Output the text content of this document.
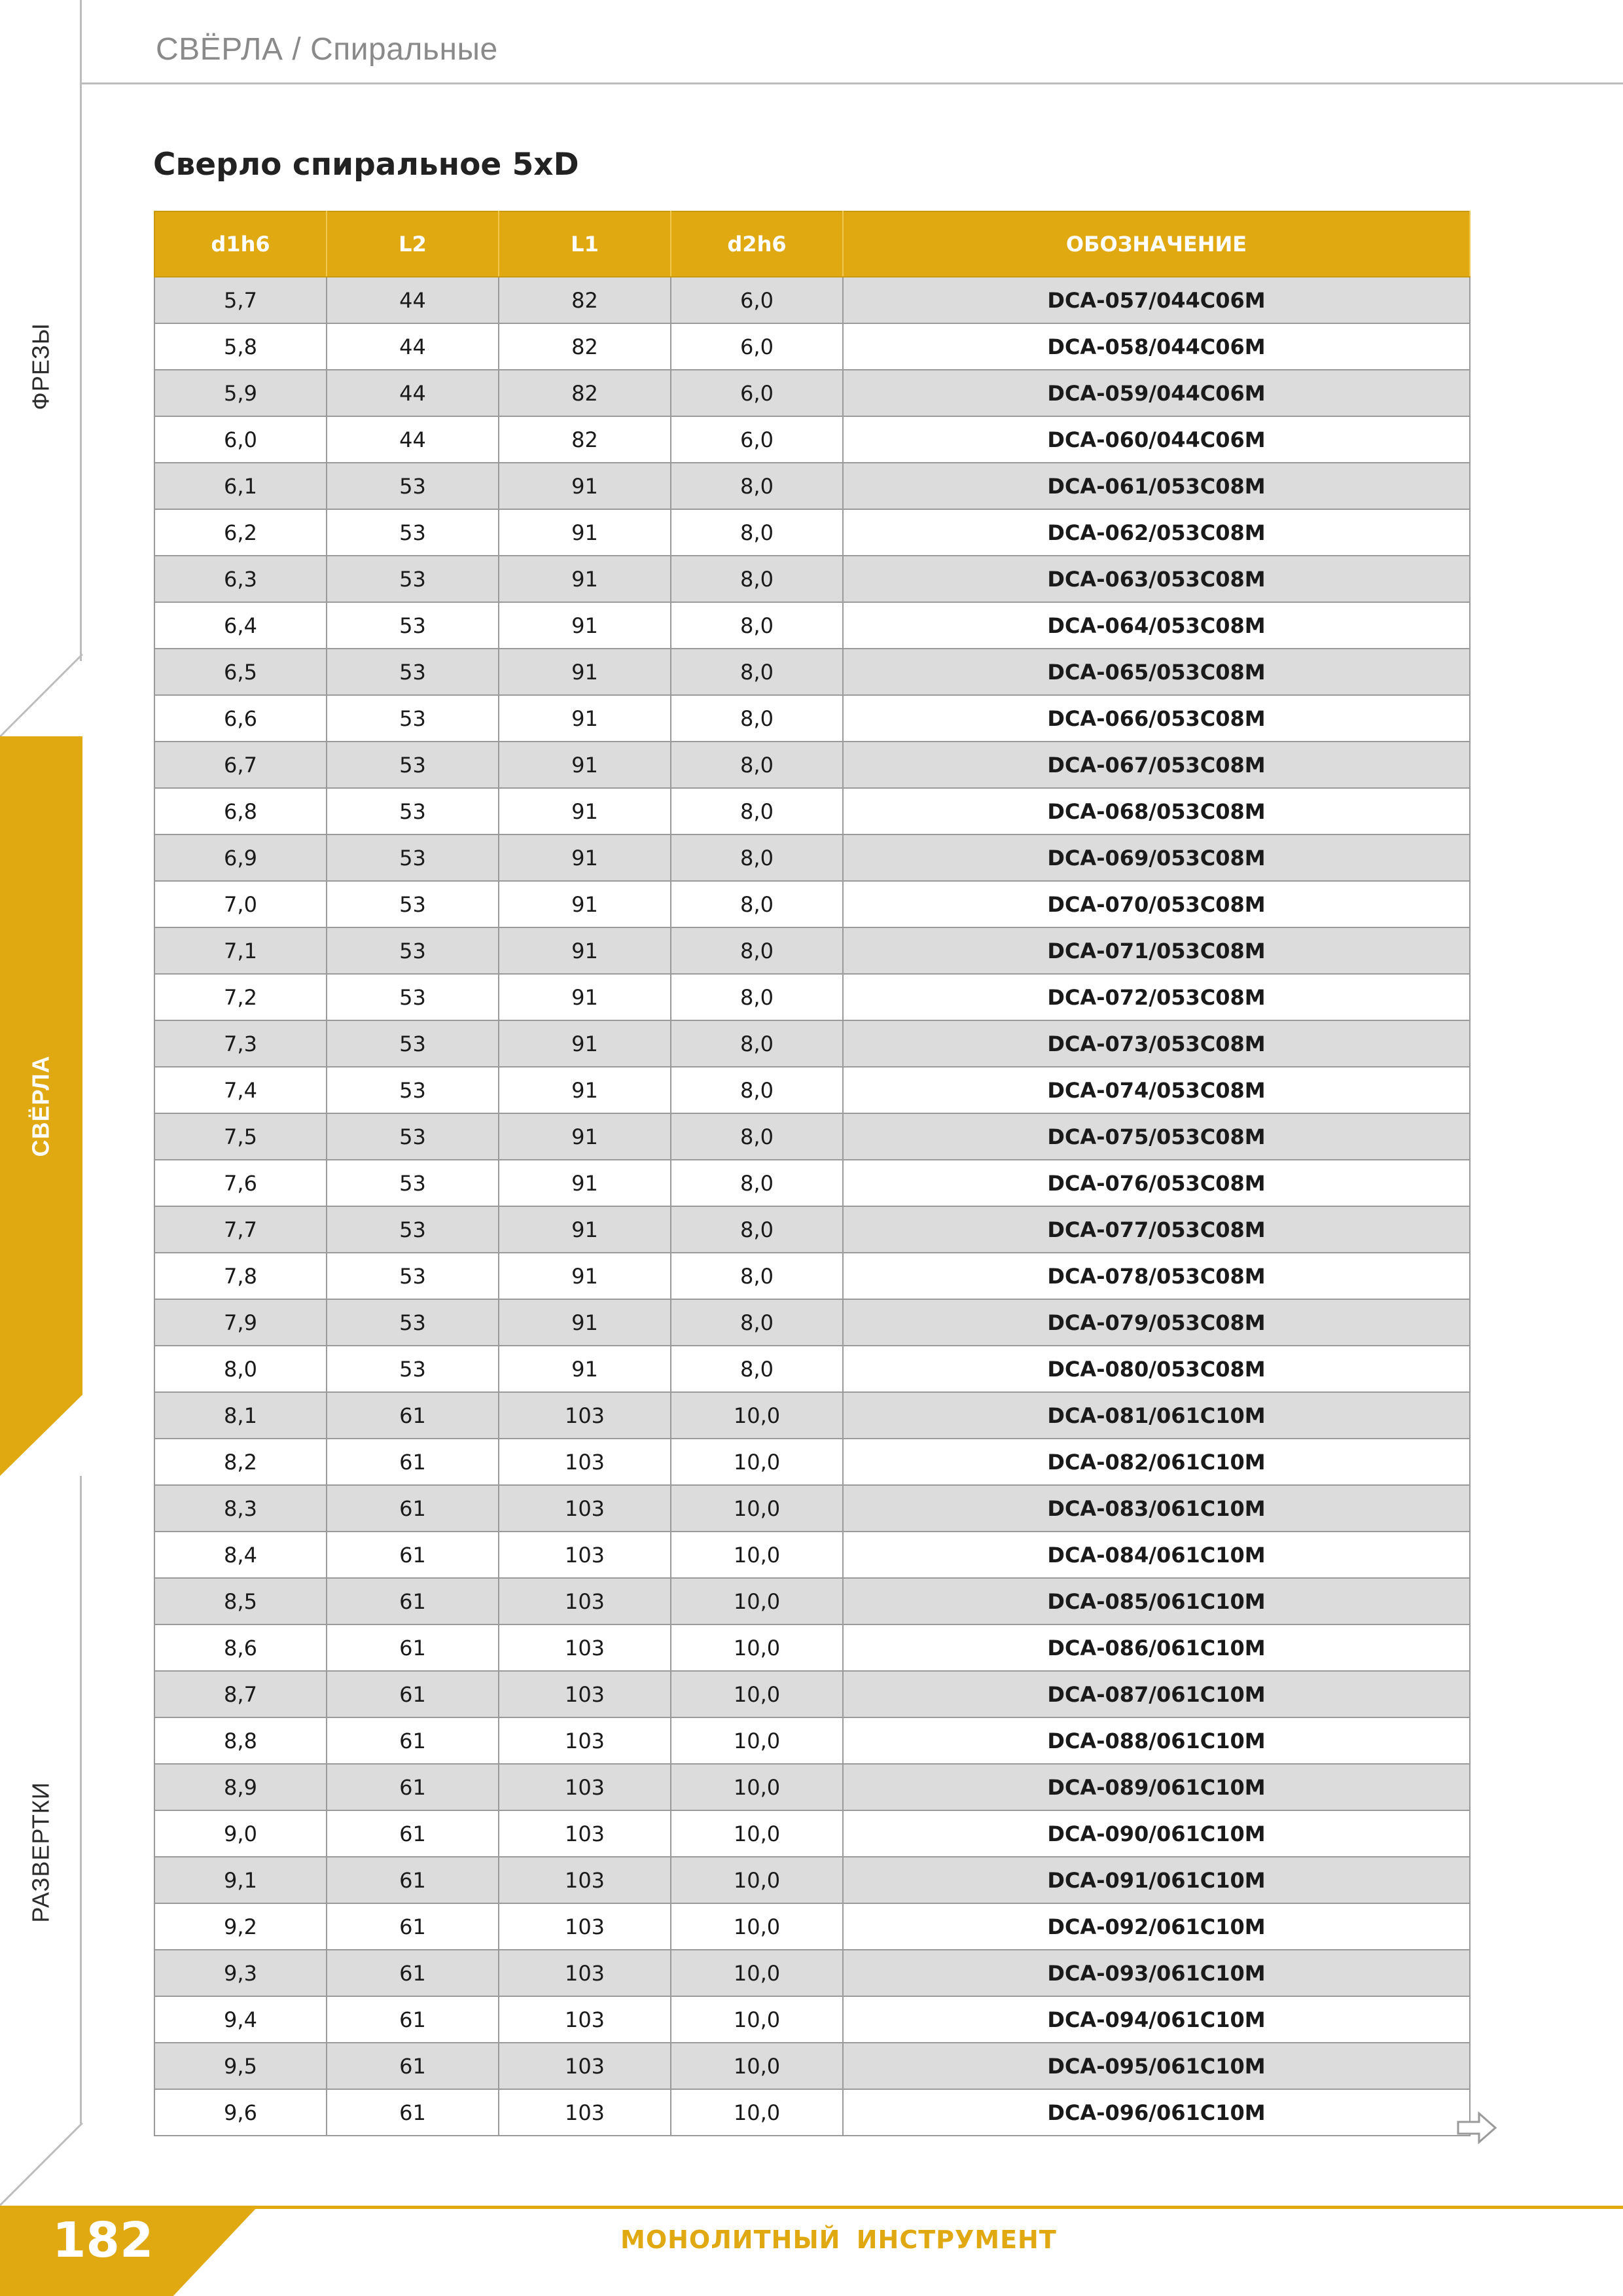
СВЁРЛА / Спиральные
ФРЕЗЫ
СВЁРЛА
РАЗВЕРТКИ
Сверло спиральное 5xD
d1h6	L2	L1	d2h6	ОБОЗНАЧЕНИЕ
5,7	44	82	6,0	DCA-057/044C06M
5,8	44	82	6,0	DCA-058/044C06M
5,9	44	82	6,0	DCA-059/044C06M
6,0	44	82	6,0	DCA-060/044C06M
6,1	53	91	8,0	DCA-061/053C08M
6,2	53	91	8,0	DCA-062/053C08M
6,3	53	91	8,0	DCA-063/053C08M
6,4	53	91	8,0	DCA-064/053C08M
6,5	53	91	8,0	DCA-065/053C08M
6,6	53	91	8,0	DCA-066/053C08M
6,7	53	91	8,0	DCA-067/053C08M
6,8	53	91	8,0	DCA-068/053C08M
6,9	53	91	8,0	DCA-069/053C08M
7,0	53	91	8,0	DCA-070/053C08M
7,1	53	91	8,0	DCA-071/053C08M
7,2	53	91	8,0	DCA-072/053C08M
7,3	53	91	8,0	DCA-073/053C08M
7,4	53	91	8,0	DCA-074/053C08M
7,5	53	91	8,0	DCA-075/053C08M
7,6	53	91	8,0	DCA-076/053C08M
7,7	53	91	8,0	DCA-077/053C08M
7,8	53	91	8,0	DCA-078/053C08M
7,9	53	91	8,0	DCA-079/053C08M
8,0	53	91	8,0	DCA-080/053C08M
8,1	61	103	10,0	DCA-081/061C10M
8,2	61	103	10,0	DCA-082/061C10M
8,3	61	103	10,0	DCA-083/061C10M
8,4	61	103	10,0	DCA-084/061C10M
8,5	61	103	10,0	DCA-085/061C10M
8,6	61	103	10,0	DCA-086/061C10M
8,7	61	103	10,0	DCA-087/061C10M
8,8	61	103	10,0	DCA-088/061C10M
8,9	61	103	10,0	DCA-089/061C10M
9,0	61	103	10,0	DCA-090/061C10M
9,1	61	103	10,0	DCA-091/061C10M
9,2	61	103	10,0	DCA-092/061C10M
9,3	61	103	10,0	DCA-093/061C10M
9,4	61	103	10,0	DCA-094/061C10M
9,5	61	103	10,0	DCA-095/061C10M
9,6	61	103	10,0	DCA-096/061C10M
182	МОНОЛИТНЫЙ ИНСТРУМЕНТ
